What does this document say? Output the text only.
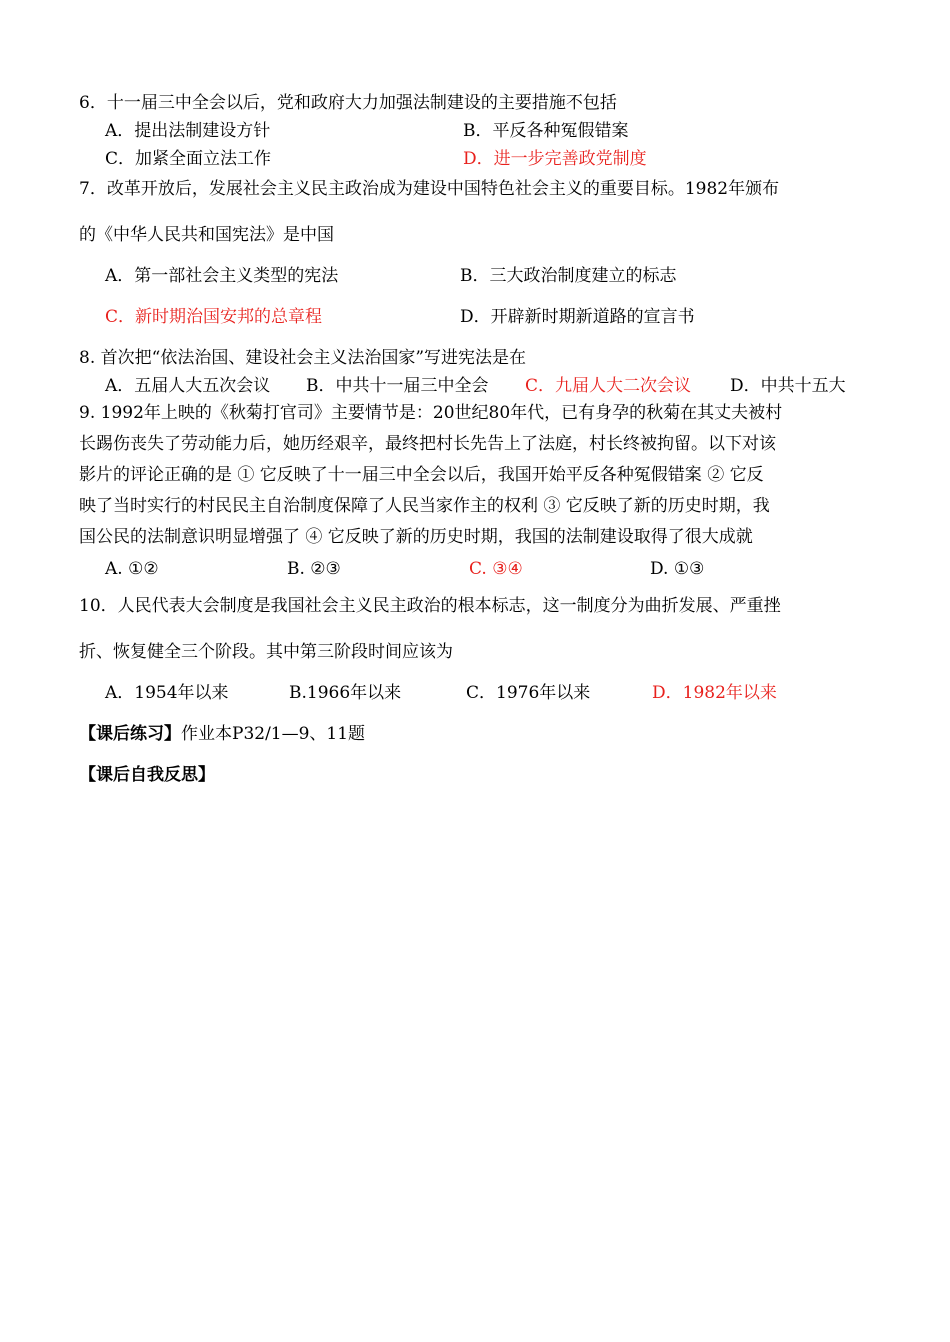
6．十一届三中全会以后，党和政府大力加强法制建设的主要措施不包括
A．提出法制建设方针	B．平反各种冤假错案
C．加紧全面立法工作	D．进一步完善政党制度
7．改革开放后，发展社会主义民主政治成为建设中国特色社会主义的重要目标。1982年颁布
的《中华人民共和国宪法》是中国
A．第一部社会主义类型的宪法	B．三大政治制度建立的标志
C．新时期治国安邦的总章程	D．开辟新时期新道路的宣言书
8. 首次把“依法治国、建设社会主义法治国家”写进宪法是在
A．五届人大五次会议 B．中共十一届三中全会 C．九届人大二次会议 D．中共十五大
9. 1992年上映的《秋菊打官司》主要情节是：20世纪80年代，已有身孕的秋菊在其丈夫被村
长踢伤丧失了劳动能力后，她历经艰辛，最终把村长先告上了法庭，村长终被拘留。以下对该
影片的评论正确的是 ① 它反映了十一届三中全会以后，我国开始平反各种冤假错案 ② 它反
映了当时实行的村民民主自治制度保障了人民当家作主的权利 ③ 它反映了新的历史时期，我
国公民的法制意识明显增强了 ④ 它反映了新的历史时期，我国的法制建设取得了很大成就
A. ①②	B. ②③	C. ③④	D. ①③
10．人民代表大会制度是我国社会主义民主政治的根本标志，这一制度分为曲折发展、严重挫
折、恢复健全三个阶段。其中第三阶段时间应该为
A．1954年以来	B.1966年以来	C．1976年以来	D．1982年以来
【课后练习】作业本P32/1—9、11题
【课后自我反思】
